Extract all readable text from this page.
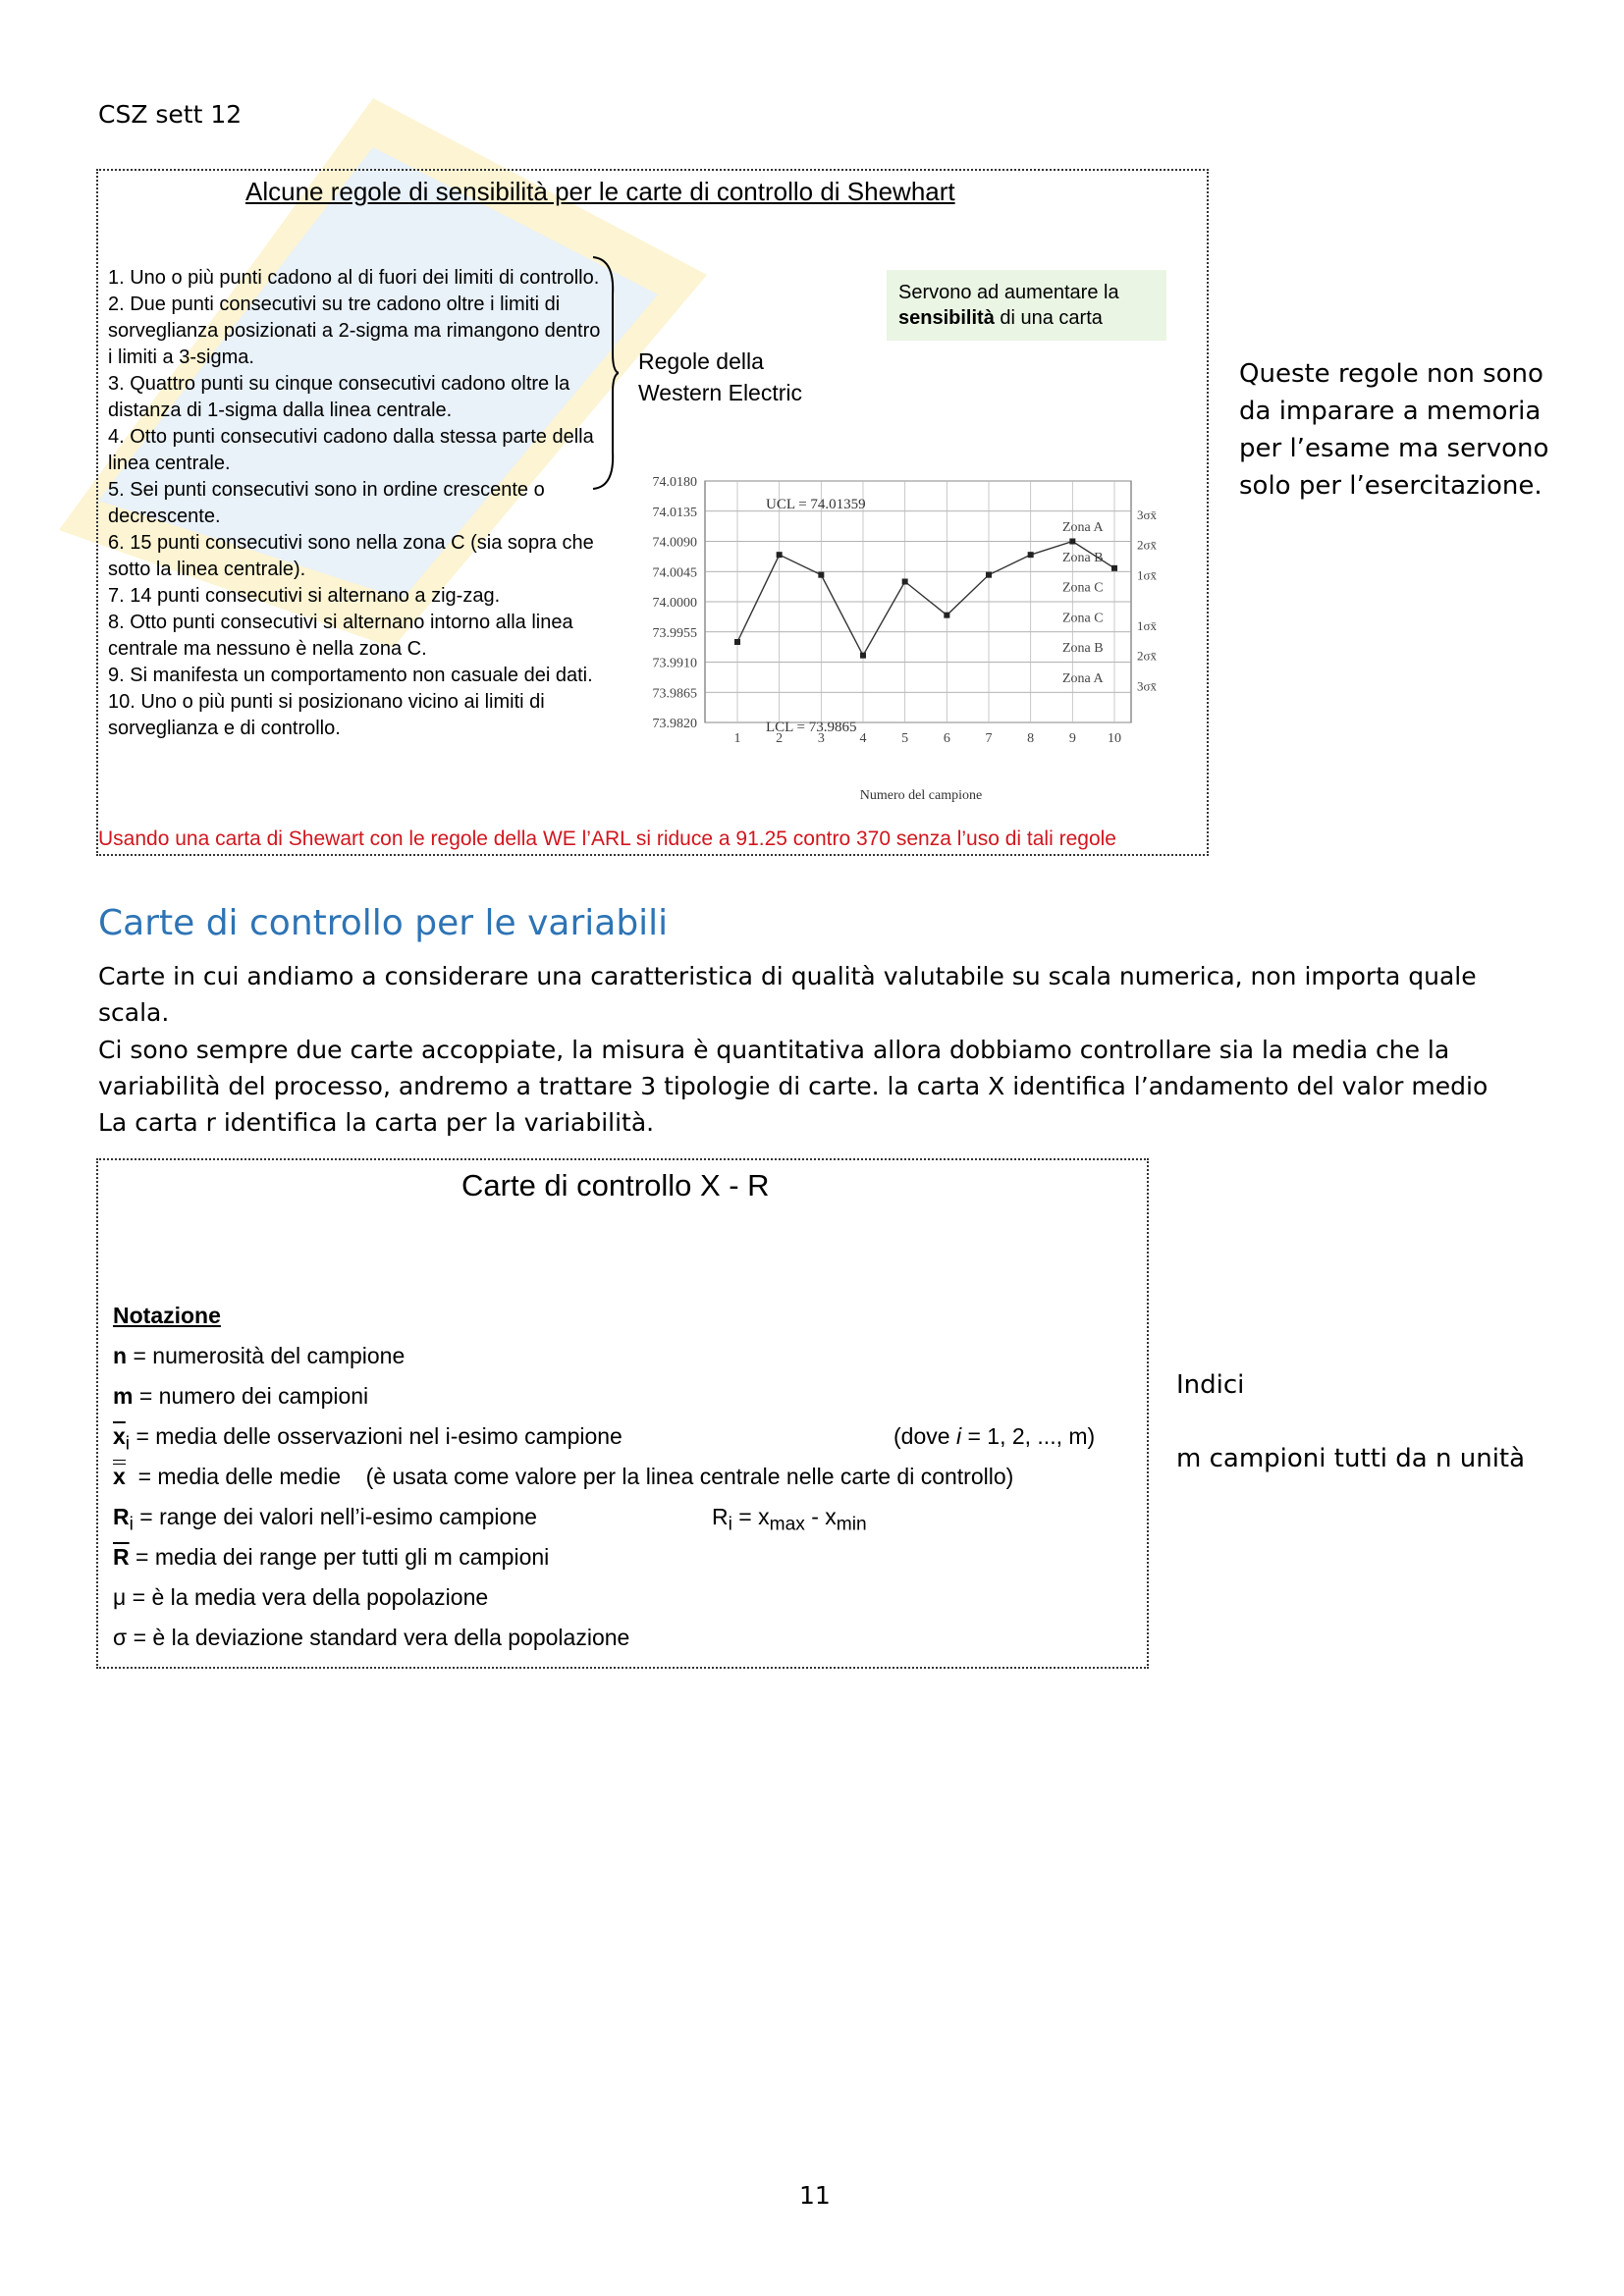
CSZ sett 12
Alcune regole di sensibilità per le carte di controllo di Shewhart

1. Uno o più punti cadono al di fuori dei limiti di controllo.

2. Due punti consecutivi su tre cadono oltre i limiti di sorveglianza posizionati a 2-sigma ma rimangono dentro i limiti a 3-sigma.

3. Quattro punti su cinque consecutivi cadono oltre la distanza di 1-sigma dalla linea centrale.

4. Otto punti consecutivi cadono dalla stessa parte della linea centrale.

5. Sei punti consecutivi sono in ordine crescente o decrescente.

6. 15 punti consecutivi sono nella zona C (sia sopra che sotto la linea centrale).

7. 14 punti consecutivi si alternano a zig-zag.

8. Otto punti consecutivi si alternano intorno alla linea centrale ma nessuno è nella zona C.

9. Si manifesta un comportamento non casuale dei dati.

10. Uno o più punti si posizionano vicino ai limiti di sorveglianza e di controllo.

Servono ad aumentare la sensibilità di una carta
Regole della
Western Electric
74.0180
74.0135
74.0090
74.0045
74.0000
73.9955
73.9910
73.9865
73.9820
1	2	3	4	5	6	7	8	9 10
Zona A
Zona B
Zona C
Zona C
Zona B
Zona A
3σx̄
2σx̄
1σx̄
1σx̄
2σx̄
3σx̄
UCL = 74.01359
LCL = 73.9865
Numero del campione
Usando una carta di Shewart con le regole della WE l’ARL si riduce a 91.25 contro 370 senza l’uso di tali regole
Queste regole non sono da imparare a memoria per l’esame ma servono solo per l’esercitazione.
Carte di controllo per le variabili
Carte in cui andiamo a considerare una caratteristica di qualità valutabile su scala numerica, non importa quale scala.
Ci sono sempre due carte accoppiate, la misura è quantitativa allora dobbiamo controllare sia la media che la
variabilità del processo, andremo a trattare 3 tipologie di carte. la carta X identifica l’andamento del valor medio
La carta r identifica la carta per la variabilità.
Carte di controllo X - R
Notazione
n = numerosità del campione
m = numero dei campioni
$\overline{x}_i$ = media delle osservazioni nel i-esimo campione	(dove i = 1, 2, ..., m)
x  = media delle medie    (è usata come valore per la linea centrale nelle carte di controllo)
$R_i$ = range dei valori nell’i-esimo campione	$R_i = x_{max} - x_{min}$
$\overline{R}$ = media dei range per tutti gli m campioni
μ = è la media vera della popolazione
σ = è la deviazione standard vera della popolazione
Indici
m campioni tutti da n unità
11
